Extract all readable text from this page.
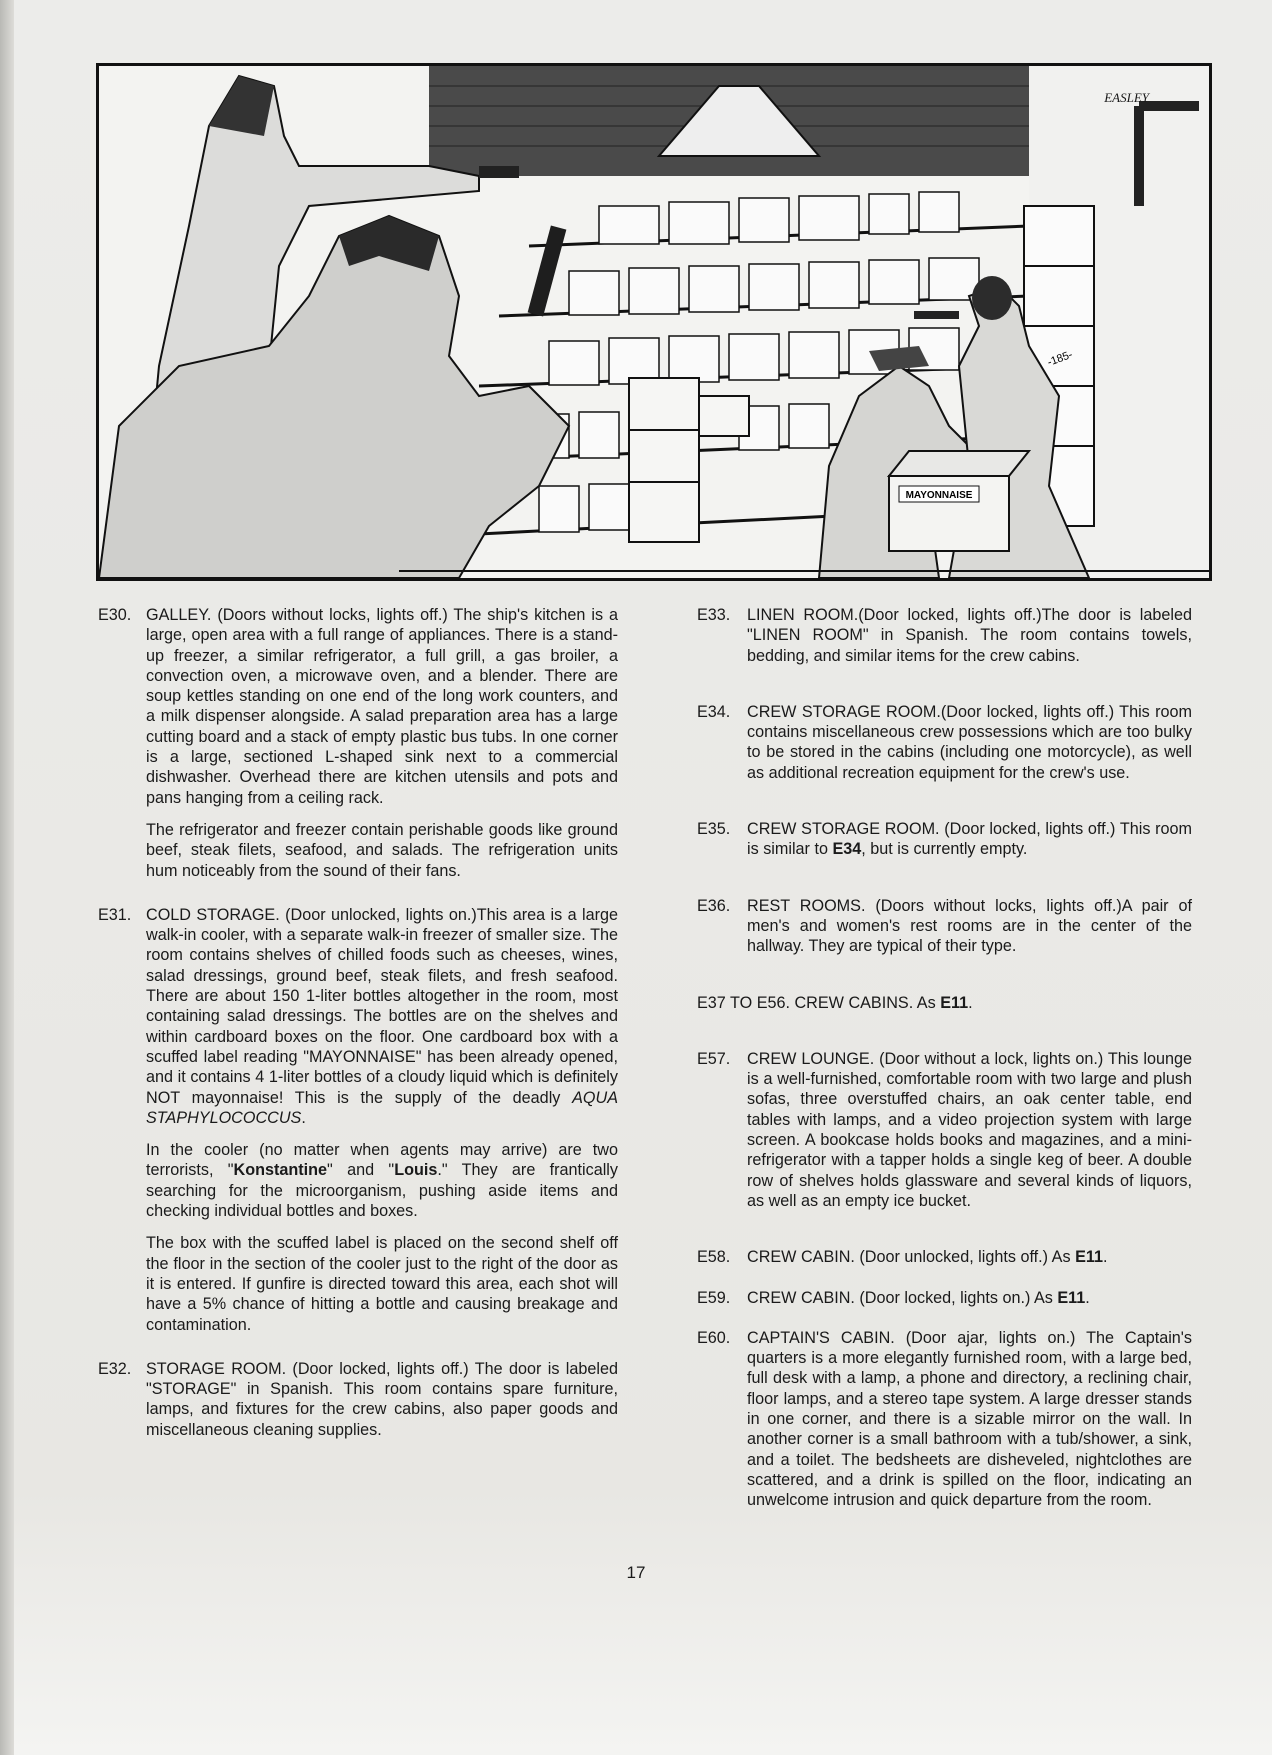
-185-
MAYONNAISE
EASLEY
E30. GALLEY. (Doors without locks, lights off.) The ship's kitchen is a large, open area with a full range of appliances. There is a stand-up freezer, a similar refrigerator, a full grill, a gas broiler, a convection oven, a microwave oven, and a blender. There are soup kettles standing on one end of the long work counters, and a milk dispenser alongside. A salad preparation area has a large cutting board and a stack of empty plastic bus tubs. In one corner is a large, sectioned L-shaped sink next to a commercial dishwasher. Overhead there are kitchen utensils and pots and pans hanging from a ceiling rack.

The refrigerator and freezer contain perishable goods like ground beef, steak filets, seafood, and salads. The refrigeration units hum noticeably from the sound of their fans.

E31. COLD STORAGE. (Door unlocked, lights on.)This area is a large walk-in cooler, with a separate walk-in freezer of smaller size. The room contains shelves of chilled foods such as cheeses, wines, salad dressings, ground beef, steak filets, and fresh seafood. There are about 150 1-liter bottles altogether in the room, most containing salad dressings. The bottles are on the shelves and within cardboard boxes on the floor. One cardboard box with a scuffed label reading "MAYONNAISE" has been already opened, and it contains 4 1-liter bottles of a cloudy liquid which is definitely NOT mayonnaise! This is the supply of the deadly AQUA STAPHYLOCOCCUS.

In the cooler (no matter when agents may arrive) are two terrorists, "Konstantine" and "Louis." They are frantically searching for the microorganism, pushing aside items and checking individual bottles and boxes.

The box with the scuffed label is placed on the second shelf off the floor in the section of the cooler just to the right of the door as it is entered. If gunfire is directed toward this area, each shot will have a 5% chance of hitting a bottle and causing breakage and contamination.

E32. STORAGE ROOM. (Door locked, lights off.) The door is labeled "STORAGE" in Spanish. This room contains spare furniture, lamps, and fixtures for the crew cabins, also paper goods and miscellaneous cleaning supplies.

E33.	LINEN ROOM.(Door locked, lights off.)The door is labeled "LINEN ROOM" in Spanish. The room contains towels, bedding, and similar items for the crew cabins.

E34.	CREW STORAGE ROOM.(Door locked, lights off.) This room contains miscellaneous crew possessions which are too bulky to be stored in the cabins (including one motorcycle), as well as additional recreation equipment for the crew's use.

E35.	CREW STORAGE ROOM. (Door locked, lights off.) This room is similar to E34, but is currently empty.

E36.	REST ROOMS. (Doors without locks, lights off.)A pair of men's and women's rest rooms are in the center of the hallway. They are typical of their type.

E37 TO E56. CREW CABINS. As E11.

E57.	CREW LOUNGE. (Door without a lock, lights on.) This lounge is a well-furnished, comfortable room with two large and plush sofas, three overstuffed chairs, an oak center table, end tables with lamps, and a video projection system with large screen. A bookcase holds books and magazines, and a mini-refrigerator with a tapper holds a single keg of beer. A double row of shelves holds glassware and several kinds of liquors, as well as an empty ice bucket.

E58.	CREW CABIN. (Door unlocked, lights off.) As E11.

E59.	CREW CABIN. (Door locked, lights on.) As E11.

E60.	CAPTAIN'S CABIN. (Door ajar, lights on.) The Captain's quarters is a more elegantly furnished room, with a large bed, full desk with a lamp, a phone and directory, a reclining chair, floor lamps, and a stereo tape system. A large dresser stands in one corner, and there is a sizable mirror on the wall. In another corner is a small bathroom with a tub/shower, a sink, and a toilet. The bedsheets are disheveled, nightclothes are scattered, and a drink is spilled on the floor, indicating an unwelcome intrusion and quick departure from the room.

17
